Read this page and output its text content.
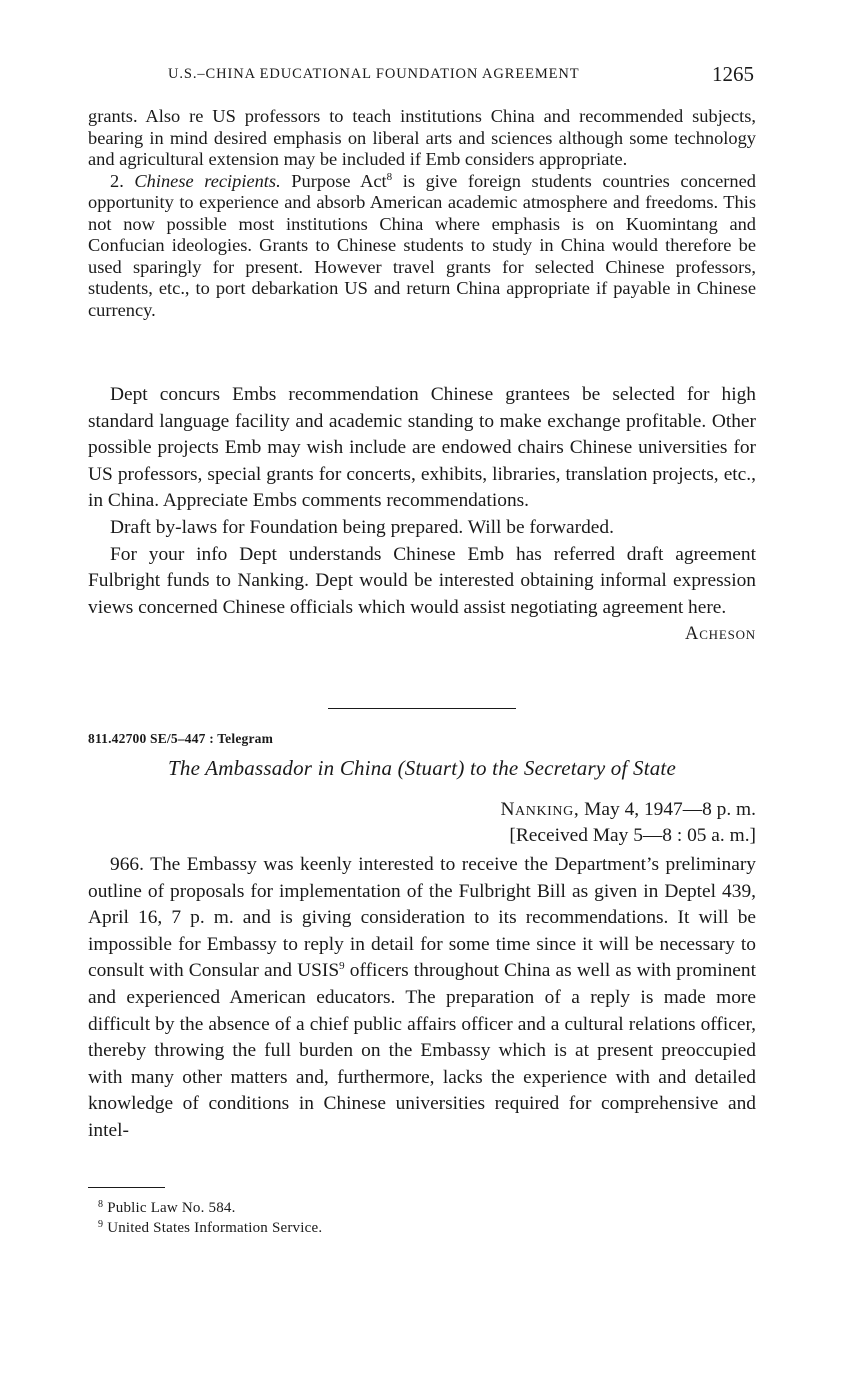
U.S.–CHINA EDUCATIONAL FOUNDATION AGREEMENT	1265

grants. Also re US professors to teach institutions China and recommended subjects, bearing in mind desired emphasis on liberal arts and sciences although some technology and agricultural extension may be included if Emb considers appropriate.

2. Chinese recipients. Purpose Act$^8$ is give foreign students countries concerned opportunity to experience and absorb American academic atmosphere and freedoms. This not now possible most institutions China where emphasis is on Kuomintang and Confucian ideologies. Grants to Chinese students to study in China would therefore be used sparingly for present. However travel grants for selected Chinese professors, students, etc., to port debarkation US and return China appropriate if payable in Chinese currency.

Dept concurs Embs recommendation Chinese grantees be selected for high standard language facility and academic standing to make exchange profitable. Other possible projects Emb may wish include are endowed chairs Chinese universities for US professors, special grants for concerts, exhibits, libraries, translation projects, etc., in China. Appreciate Embs comments recommendations.

Draft by-laws for Foundation being prepared. Will be forwarded.

For your info Dept understands Chinese Emb has referred draft agreement Fulbright funds to Nanking. Dept would be interested obtaining informal expression views concerned Chinese officials which would assist negotiating agreement here.

Acheson

811.42700 SE/5–447 : Telegram
The Ambassador in China (Stuart) to the Secretary of State
Nanking, May 4, 1947—8 p. m.
[Received May 5—8 : 05 a. m.]

966. The Embassy was keenly interested to receive the Department’s preliminary outline of proposals for implementation of the Fulbright Bill as given in Deptel 439, April 16, 7 p. m. and is giving consideration to its recommendations. It will be impossible for Embassy to reply in detail for some time since it will be necessary to consult with Consular and USIS$^9$ officers throughout China as well as with prominent and experienced American educators. The preparation of a reply is made more difficult by the absence of a chief public affairs officer and a cultural relations officer, thereby throwing the full burden on the Embassy which is at present preoccupied with many other matters and, furthermore, lacks the experience with and detailed knowledge of conditions in Chinese universities required for comprehensive and intel-

$^8$ Public Law No. 584.
$^9$ United States Information Service.
